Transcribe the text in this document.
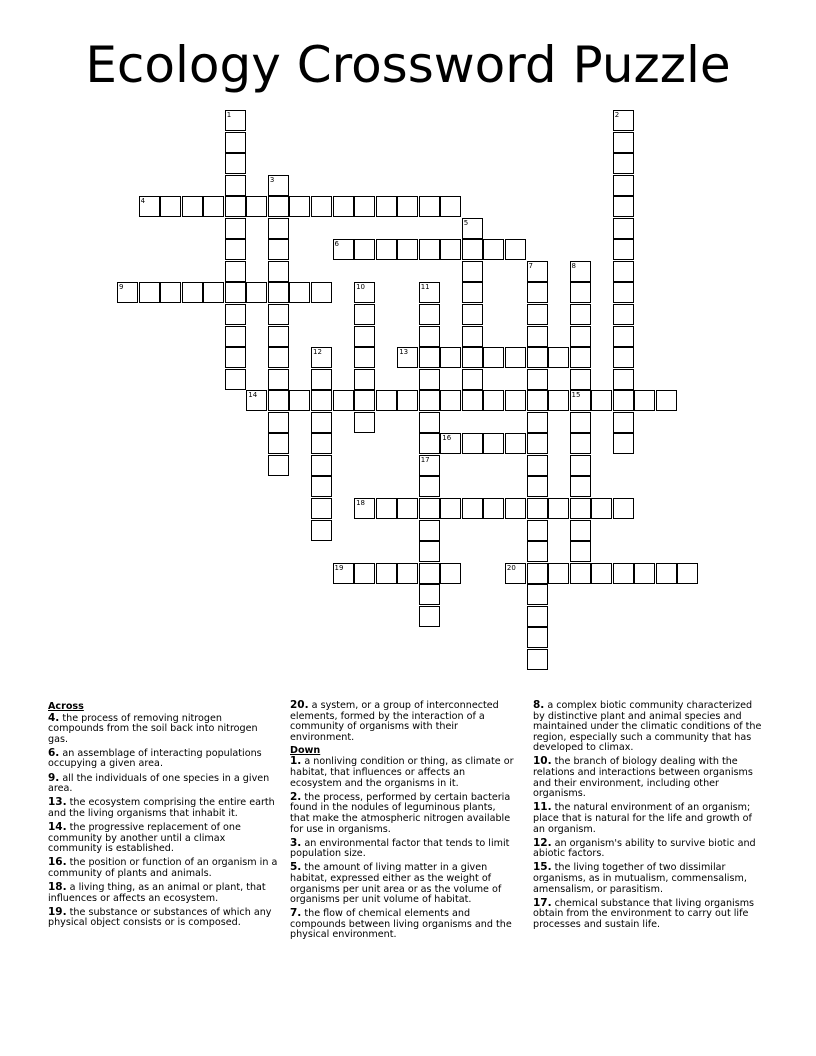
Ecology Crossword Puzzle
1	2
3
4
5
6
7	8
9	10	11
12	13
14	15
16
17
18
19	20
Across
4. the process of removing nitrogen compounds from the soil back into nitrogen gas.
6. an assemblage of interacting populations occupying a given area.
9. all the individuals of one species in a given area.
13. the ecosystem comprising the entire earth and the living organisms that inhabit it.
14. the progressive replacement of one community by another until a climax community is established.
16. the position or function of an organism in a community of plants and animals.
18. a living thing, as an animal or plant, that influences or affects an ecosystem.
19. the substance or substances of which any physical object consists or is composed.
20. a system, or a group of interconnected elements, formed by the interaction of a community of organisms with their environment.
Down
1. a nonliving condition or thing, as climate or habitat, that influences or affects an ecosystem and the organisms in it.
2. the process, performed by certain bacteria found in the nodules of leguminous plants, that make the atmospheric nitrogen available for use in organisms.
3. an environmental factor that tends to limit population size.
5. the amount of living matter in a given habitat, expressed either as the weight of organisms per unit area or as the volume of organisms per unit volume of habitat.
7. the flow of chemical elements and compounds between living organisms and the physical environment.
8. a complex biotic community characterized by distinctive plant and animal species and maintained under the climatic conditions of the region, especially such a community that has developed to climax.
10. the branch of biology dealing with the relations and interactions between organisms and their environment, including other organisms.
11. the natural environment of an organism; place that is natural for the life and growth of an organism.
12. an organism's ability to survive biotic and abiotic factors.
15. the living together of two dissimilar organisms, as in mutualism, commensalism, amensalism, or parasitism.
17. chemical substance that living organisms obtain from the environment to carry out life processes and sustain life.
